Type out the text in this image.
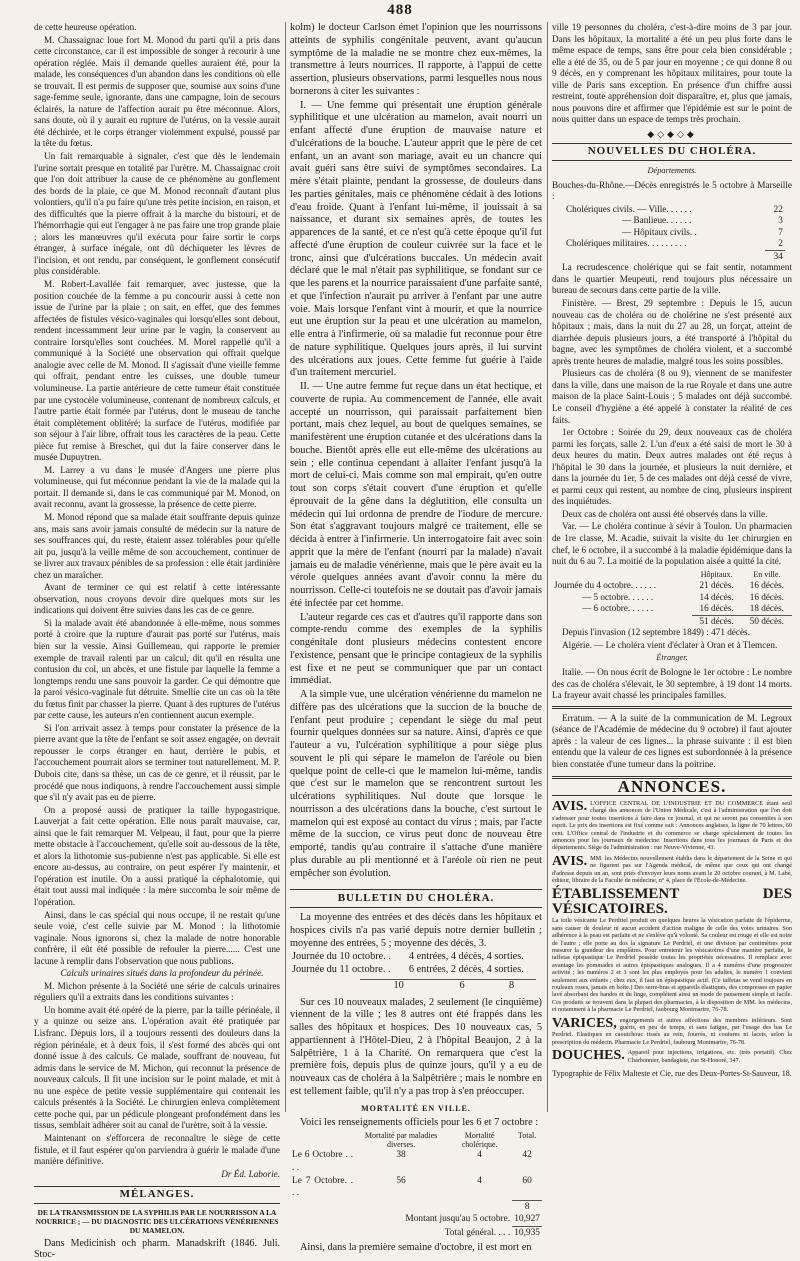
488

de cette heureuse opération.

M. Chassaignac loue fort M. Monod du parti qu'il a pris dans cette circonstance, car il est impossible de songer à recourir à une opération réglée. Mais il demande quelles auraient été, pour la malade, les conséquences d'un abandon dans les conditions où elle se trouvait. Il est permis de supposer que, soumise aux soins d'une sage-femme seule, ignorante, dans une campagne, loin de secours éclairés, la nature de l'affection aurait pu être méconnue. Alors, sans doute, où il y aurait eu rupture de l'utérus, on la vessie aurait été déchirée, et le corps étranger violemment expulsé, poussé par la tête du fœtus.

Un fait remarquable à signaler, c'est que dès le lendemain l'urine sortait presque en totalité par l'urètre. M. Chassaignac croit que l'on doit attribuer la cause de ce phénomène au gonflement des bords de la plaie, ce que M. Monod reconnaît d'autant plus volontiers, qu'il n'a pu faire qu'une très petite incision, en raison, et des difficultés que la pierre offrait à la marche du bistouri, et de l'hémorrhagie qui eut l'engager à ne pas faire une trop grande plaie ; alors les manœuvres qu'il exécuta pour faire sortir le corps étranger, à surface inégale, ont dû déchiqueter les lèvres de l'incision, et ont rendu, par conséquent, le gonflement consécutif plus considérable.

M. Robert-Lavallée fait remarquer, avec justesse, que la position couchée de la femme a pu concourir aussi à cette non issue de l'urine par la plaie ; on sait, en effet, que des femmes affectées de fistules vésico-vaginales qui lorsqu'elles sont debout, rendent incessamment leur urine par le vagin, la conservent au contraire lorsqu'elles sont couchées. M. Morel rappelle qu'il a communiqué à la Société une observation qui offrait quelque analogie avec celle de M. Monod. Il s'agissait d'une vieille femme qui offrait, pendant entre les cuisses, une double tumeur volumineuse. La partie antérieure de cette tumeur était constituée par une cystocèle volumineuse, contenant de nombreux calculs, et l'autre partie était formée par l'utérus, dont le museau de tanche était complètement oblitéré; la surface de l'utérus, modifiée par son séjour à l'air libre, offrait tous les caractères de la peau. Cette pièce fut remise à Breschet, qui dut la faire conserver dans le musée Dupuytren.

M. Larrey a vu dans le musée d'Angers une pierre plus volumineuse, qui fut méconnue pendant la vie de la malade qui la portait. Il demande si, dans le cas communiqué par M. Monod, on avait reconnu, avant la grossesse, la présence de cette pierre.

M. Monod répond que sa malade était souffrante depuis quinze ans, mais sans avoir jamais consulté de médecin sur la nature de ses souffrances qui, du reste, étaient assez tolérables pour qu'elle ait pu, jusqu'à la veille même de son accouchement, continuer de se livrer aux travaux pénibles de sa profession : elle était jardinière chez un maraîcher.

Avant de terminer ce qui est relatif à cette intéressante observation, nous croyons devoir dire quelques mots sur les indications qui doivent être suivies dans les cas de ce genre.

Si la malade avait été abandonnée à elle-même, nous sommes porté à croire que la rupture d'aurait pas porté sur l'utérus, mais bien sur la vessie. Ainsi Guillemeau, qui rapporte le premier exemple de travail ralenti par un calcul, dit qu'il en résulta une contusion du col, un abcès, et une fistule par laquelle la femme a longtemps rendu une sans pouvoir la garder. Ce qui démontre que la paroi vésico-vaginale fut détruite. Smellie cite un cas où la tête du fœtus finit par chasser la pierre. Quant à des ruptures de l'utérus par cette cause, les auteurs n'en contiennent aucun exemple.

Si l'on arrivait assez à temps pour constater la présence de la pierre avant que la tête de l'enfant se soit assez engagée, on devrait repousser le corps étranger en haut, derrière le pubis, et l'accouchement pourrait alors se terminer tout naturellement. M. P. Dubois cite, dans sa thèse, un cas de ce genre, et il réussit, par le procédé que nous indiquons, à rendre l'accouchement aussi simple que s'il n'y avait pas eu de pierre.

On a proposé aussi de pratiquer la taille hypogastrique. Lauverjat a fait cette opération. Elle nous paraît mauvaise, car, ainsi que le fait remarquer M. Velpeau, il faut, pour que la pierre mette obstacle à l'accouchement, qu'elle soit au-dessous de la tête, et alors la lithotomie sus-pubienne n'est pas applicable. Si elle est encore au-dessus, au contraire, on peut espérer l'y maintenir, et l'opération est inutile. On a aussi pratiqué la céphalotomie, qui était tout aussi mal indiquée : la mère succomba le soir même de l'opération.

Ainsi, dans le cas spécial qui nous occupe, il ne restait qu'une seule voie, c'est celle suivie par M. Monod : la lithotomie vaginale. Nous ignorons si, chez la malade de notre honorable confrère, il eût été possible de refouler la pierre...... C'est une lacune à remplir dans l'observation que nous publions.

Calculs urinaires situés dans la profondeur du périnée.

M. Michon présente à la Société une série de calculs urinaires réguliers qu'il a extraits dans les conditions suivantes :

Un homme avait été opéré de la pierre, par la taille périnéale, il y a quinze ou seize ans. L'opération avait été pratiquée par Lisfranc. Depuis lors, il a toujours ressenti des douleurs dans la région périnéale, et à deux fois, il s'est formé des abcès qui ont donné issue à des calculs. Ce malade, souffrant de nouveau, fut admis dans le service de M. Michon, qui reconnut la présence de nouveaux calculs. Il fit une incision sur le point malade, et mit à nu une espèce de petite vessie supplémentaire qui contenait les calculs présentés à la Société. Le chirurgien enleva complètement cette poche qui, par un pédicule plongeant profondément dans les tissus, semblait adhérer soit au canal de l'urètre, soit à la vessie.

Maintenant on s'efforcera de reconnaître le siège de cette fistule, et il faut espérer qu'on parviendra à guérir le malade d'une manière définitive.

Dr Éd. Laborie.
MÉLANGES.
DE LA TRANSMISSION DE LA SYPHILIS PAR LE NOURRISSON A LA NOURRICE ; — DU DIAGNOSTIC DES ULCÉRATIONS VÉNÉRIENNES DU MAMELON.

Dans Medicinish och pharm. Manadskrift (1846. Juli. Stoc-

kolm) le docteur Carlson émet l'opinion que les nourrissons atteints de syphilis congénitale peuvent, avant qu'aucun symptôme de la maladie ne se montre chez eux-mêmes, la transmettre à leurs nourrices. Il rapporte, à l'appui de cette assertion, plusieurs observations, parmi lesquelles nous nous bornerons à citer les suivantes :

I. — Une femme qui présentait une éruption générale syphilitique et une ulcération au mamelon, avait nourri un enfant affecté d'une éruption de mauvaise nature et d'ulcérations de la bouche. L'auteur apprit que le père de cet enfant, un an avant son mariage, avait eu un chancre qui avait guéri sans être suivi de symptômes secondaires. La mère s'était plainte, pendant la grossesse, de douleurs dans les parties génitales, mais ce phénomène cédait à des lotions d'eau froide. Quant à l'enfant lui-même, il jouissait à sa naissance, et durant six semaines après, de toutes les apparences de la santé, et ce n'est qu'à cette époque qu'il fut affecté d'une éruption de couleur cuivrée sur la face et le tronc, ainsi que d'ulcérations buccales. Un médecin avait déclaré que le mal n'était pas syphilitique, se fondant sur ce que les parens et la nourrice paraissaient d'une parfaite santé, et que l'infection n'aurait pu arriver à l'enfant par une autre voie. Mais lorsque l'enfant vint à mourir, et que la nourrice eut une éruption sur la peau et une ulcération au mamelon, elle entra à l'infirmerie, où sa maladie fut reconnue pour être de nature syphilitique. Quelques jours après, il lui survint des ulcérations aux joues. Cette femme fut guérie à l'aide d'un traitement mercuriel.

II. — Une autre femme fut reçue dans un état hectique, et couverte de rupia. Au commencement de l'année, elle avait accepté un nourrisson, qui paraissait parfaitement bien portant, mais chez lequel, au bout de quelques semaines, se manifestèrent une éruption cutanée et des ulcérations dans la bouche. Bientôt après elle eut elle-même des ulcérations au sein ; elle continua cependant à allaiter l'enfant jusqu'à la mort de celui-ci. Mais comme son mal empirait, qu'en outre tout son corps s'était couvert d'une éruption et qu'elle éprouvait de la gêne dans la déglutition, elle consulta un médecin qui lui ordonna de prendre de l'iodure de mercure. Son état s'aggravant toujours malgré ce traitement, elle se décida à entrer à l'infirmerie. Un interrogatoire fait avec soin apprit que la mère de l'enfant (nourri par la malade) n'avait jamais eu de maladie vénérienne, mais que le père avait eu la vérole quelques années avant d'avoir connu la mère du nourrisson. Celle-ci toutefois ne se doutait pas d'avoir jamais été infectée par cet homme.

L'auteur regarde ces cas et d'autres qu'il rapporte dans son compte-rendu comme des exemples de la syphilis congénitale dont plusieurs médecins contestent encore l'existence, pensant que le principe contagieux de la syphilis est fixe et ne peut se communiquer que par un contact immédiat.

A la simple vue, une ulcération vénérienne du mamelon ne diffère pas des ulcérations que la succion de la bouche de l'enfant peut produire ; cependant le siège du mal peut fournir quelques données sur sa nature. Ainsi, d'après ce que l'auteur a vu, l'ulcération syphilitique a pour siège plus souvent le pli qui sépare le mamelon de l'aréole ou bien quelque point de celle-ci que le mamelon lui-même, tandis que c'est sur le mamelon que se rencontrent surtout les ulcérations syphilitiques. Nul doute que lorsque le nourrisson a des ulcérations dans la bouche, c'est surtout le mamelon qui est exposé au contact du virus ; mais, par l'acte même de la succion, ce virus peut donc de nouveau être emporté, tandis qu'au contraire il s'attache d'une manière plus durable au pli mentionné et à l'aréole où rien ne peut empêcher son évolution.

BULLETIN DU CHOLÉRA.

La moyenne des entrées et des décès dans les hôpitaux et hospices civils n'a pas varié depuis notre dernier bulletin ; moyenne des entrées, 5 ; moyenne des décès, 3.

Journée du 10 octobre. .	4 entrées, 4 décès, 4 sorties.
Journée du 11 octobre. .	6 entrées, 2 décès, 4 sorties.
10	6	8

Sur ces 10 nouveaux malades, 2 seulement (le cinquième) viennent de la ville ; les 8 autres ont été frappés dans les salles des hôpitaux et hospices. Des 10 nouveaux cas, 5 appartiennent à l'Hôtel-Dieu, 2 à l'hôpital Beaujon, 2 à la Salpêtrière, 1 à la Charité. On remarquera que c'est la première fois, depuis plus de quinze jours, qu'il y a eu de nouveaux cas de choléra à la Salpêtrière ; mais le nombre en est tellement faible, qu'il n'y a pas trop à s'en préoccuper.

MORTALITÉ EN VILLE.

Voici les renseignements officiels pour les 6 et 7 octobre :

	Mortalité par maladies diverses.	Mortalité cholérique.	Total.
Le 6 Octobre . . . .	38	4	42
Le 7 Octobre. . . .	56	4	60
			8
Montant jusqu'au 5 octobre.			10,927
Total général. . . .			10,935

Ainsi, dans la première semaine d'octobre, il est mort en

ville 19 personnes du choléra, c'est-à-dire moins de 3 par jour. Dans les hôpitaux, la mortalité a été un peu plus forte dans le même espace de temps, sans être pour cela bien considérable ; elle a été de 35, ou de 5 par jour en moyenne ; ce qui donne 8 ou 9 décès, en y comprenant les hôpitaux militaires, pour toute la ville de Paris sans exception. En présence d'un chiffre aussi restreint, toute appréhension doit disparaître, et, plus que jamais, nous pouvons dire et affirmer que l'épidémie est sur le point de nous quitter dans un espace de temps très prochain.

◆◇◆◇◆
NOUVELLES DU CHOLÉRA.
Départements.

Bouches-du-Rhône.—Décès enregistrés le 5 octobre à Marseille :

Cholériques civils. — Ville. . . . . .	22
— Banlieue. . . . . .	3
— Hôpitaux civils. .	7
Cholériques militaires. . . . . . . . .	2
	34

La recrudescence cholérique qui se fait sentir, notamment dans le quartier Meupeuti, rend toujours plus nécessaire un bureau de secours dans cette partie de la ville.

Finistère. — Brest, 29 septembre : Depuis le 15, aucun nouveau cas de choléra ou de cholérine ne s'est présenté aux hôpitaux ; mais, dans la nuit du 27 au 28, un forçat, atteint de diarrhée depuis plusieurs jours, a été transporté à l'hôpital du bagne, avec les symptômes de choléra violent, et a succombé après trente heures de maladie, malgré tous les soins possibles.

Plusieurs cas de choléra (8 ou 9), viennent de se manifester dans la ville, dans une maison de la rue Royale et dans une autre maison de la place Saint-Louis ; 5 malades ont déjà succombé. Le conseil d'hygiène a été appelé à constater la réalité de ces faits.

1er Octobre : Soirée du 29, deux nouveaux cas de choléra parmi les forçats, salle 2. L'un d'eux a été saisi de mort le 30 à deux heures du matin. Deux autres malades ont été reçus à l'hôpital le 30 dans la journée, et plusieurs la nuit dernière, et dans la journée du 1er, 5 de ces malades ont déjà cessé de vivre, et parmi ceux qui restent, au nombre de cinq, plusieurs inspirent des inquiétudes.

Deux cas de choléra ont aussi été observés dans la ville.

Var. — Le choléra continue à sévir à Toulon. Un pharmacien de 1re classe, M. Acadie, suivait la visite du 1er chirurgien en chef, le 6 octobre, il a succombé à la maladie épidémique dans la nuit du 6 au 7. La moitié de la population aisée a quitté la cité.

	Hôpitaux.	En ville.
Journée du 4 octobre. . . . . .	21 décès.	16 décès.
— 5 octobre. . . . . .	14 décès.	16 décès.
— 6 octobre. . . . . .	16 décès.	18 décès.
	51 décès.	50 décès.

Depuis l'invasion (12 septembre 1849) : 471 décès.

Algérie. — Le choléra vient d'éclater à Oran et à Tlemcen.

Étranger.

Italie. — On nous écrit de Bologne le 1er octobre : Le nombre des cas de choléra s'élevait, le 30 septembre, à 19 dont 14 morts. La frayeur avait chassé les principales familles.

Erratum. — A la suite de la communication de M. Legroux (séance de l'Académie de médecine du 9 octobre) il faut ajouter après : la valeur de ces lignes... la phrase suivante : il est bien entendu que la valeur de ces lignes est subordonnée à la présence bien constatée d'une tumeur dans la poitrine.

ANNONCES.
AVIS. L'OFFICE CENTRAL DE L'INDUSTRIE ET DU COMMERCE étant seul chargé des annonces de l'Union Médicale, c'est à l'administration que l'on doit s'adresser pour toutes insertions à faire dans ce journal, et qui ne seront pas consenties à son esprit. Le prix des insertions est fixé comme suit : Annonces anglaises, la ligne de 70 lettres, 60 cent. L'Office central de l'industrie et du commerce se charge spécialement de toutes les annonces pour les journaux de médecine. Insertions dans tous les journaux de Paris et des départements. Siège de l'administration : rue Neuve-Vivienne, 43.
AVIS. MM. les Médecins nouvellement établis dans le département de la Seine et qui ne figurent pas sur l'Agenda médical, de même que ceux qui ont changé d'adresse depuis un an, sont priés d'envoyer leurs noms avant le 20 octobre courant, à M. Labé, éditeur, libraire de la Faculté de médecine, n° 4, place de l'École-de-Médecine.
ÉTABLISSEMENT DES VÉSICATOIRES.
La toile vésicante Le Perdriel produit en quelques heures la vésication parfaite de l'épiderme, sans causer de douleur ni aucun accident d'action maligne de celle des voies urinaires. Son adhérence à la peau est parfaite et ne s'enlève qu'à volonté. Sa couleur est rouge et elle est noire de l'autre ; elle porte au dos la signature Le Perdriel, et une division par centimètres pour mesurer la grandeur des emplâtres. Pour entretenir les vésicatoires d'une manière parfaite, le taffetas épispastique Le Perdriel possède toutes les propriétés nécessaires. Il remplace avec avantage les pommades et autres épispastiques analogues. Il a 4 numéros d'une progressive activité ; les numéros 2 et 3 sont les plus employés pour les adultes, le numéro 1 convient seulement aux enfants ; chez eux, il faut un épispastique actif. (Ce taffetas se vend toujours en rouleaux roses, jamais en boîte.) Des serre-bras et appareils élastiques, des compresses en papier lavé absorbant des bandes et du linge, complètent ainsi un mode de pansement simple et facile. Ces produits se trouvent dans la plupart des pharmacies, à la disposition de MM. les médecins, et notamment à la pharmacie Le Perdriel, faubourg Montmartre, 76-78.
VARICES, engorgements et autres affections des membres inférieurs. Sont guéris, en peu de temps, et sans fatigue, par l'usage des bas Le Perdriel. Elastiques en caoutchouc tissés au rein, fourrés, ni coutures ni lacets, selon la prescription du médecin. Pharmacie Le Perdriel, faubourg Montmartre, 76-78.
DOUCHES. Appareil pour injections, irrigations, etc. (très portatif). Chez Charbonnier, bandagiste, rue St-Honoré, 347.
Typographie de Félix Malteste et Cie, rue des Deux-Portes-St-Sauveur, 18.
